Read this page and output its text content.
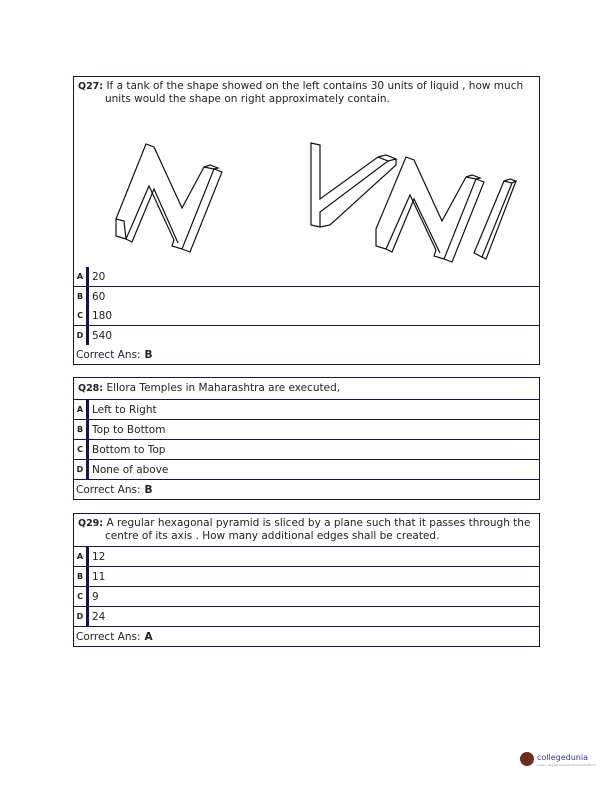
Q27: If a tank of the shape showed on the left contains 30 units of liquid , how much
units would the shape on right approximately contain.
A 20
B 60
C 180
D 540
Correct Ans: B
Q28: Ellora Temples in Maharashtra are executed,
A Left to Right
B Top to Bottom
C Bottom to Top
D None of above
Correct Ans: B
Q29: A regular hexagonal pyramid is sliced by a plane such that it passes through the
centre of its axis . How many additional edges shall be created.
A 12
B 11
C 9
D 24
Correct Ans: A
collegedunia
India's largest Student Review Platform
